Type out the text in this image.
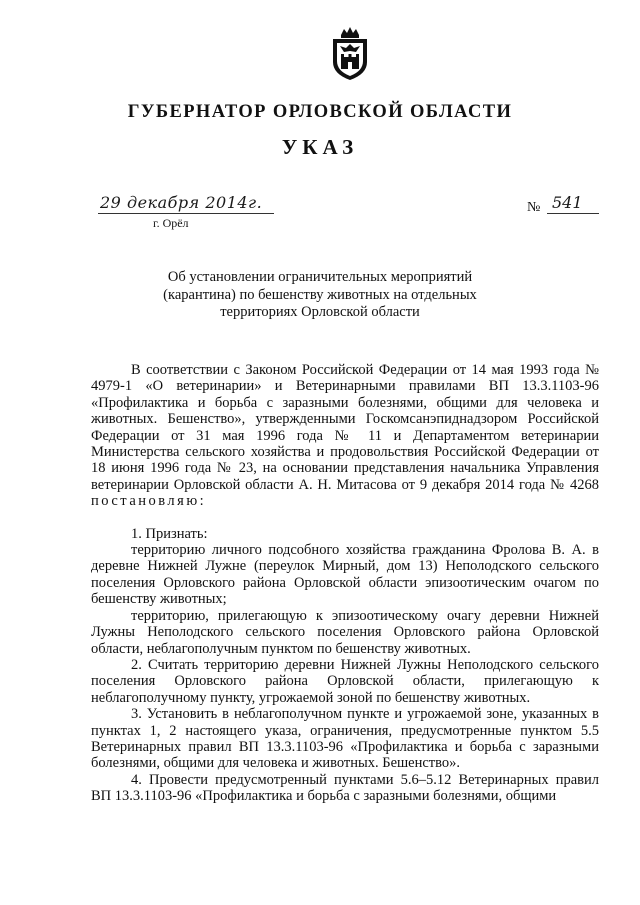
ГУБЕРНАТОР ОРЛОВСКОЙ ОБЛАСТИ
УКАЗ
29 декабря 2014г.
г. Орёл
№ 541
Об установлении ограничительных мероприятий
(карантина) по бешенству животных на отдельных
территориях Орловской области

В соответствии с Законом Российской Федерации от 14 мая 1993 года № 4979-1 «О ветеринарии» и Ветеринарными правилами ВП 13.3.1103-96 «Профилактика и борьба с заразными болезнями, общими для человека и животных. Бешенство», утвержденными Госкомсанэпиднадзором Российской Федерации от 31 мая 1996 года № 11 и Департаментом ветеринарии Министерства сельского хозяйства и продовольствия Российской Федерации от 18 июня 1996 года № 23, на основании представления начальника Управления ветеринарии Орловской области А. Н. Митасова от 9 декабря 2014 года № 4268 постановляю:

1. Признать:

территорию личного подсобного хозяйства гражданина Фролова В. А. в деревне Нижней Лужне (переулок Мирный, дом 13) Неполодского сельского поселения Орловского района Орловской области эпизоотическим очагом по бешенству животных;

территорию, прилегающую к эпизоотическому очагу деревни Нижней Лужны Неполодского сельского поселения Орловского района Орловской области, неблагополучным пунктом по бешенству животных.

2. Считать территорию деревни Нижней Лужны Неполодского сельского поселения Орловского района Орловской области, прилегающую к неблагополучному пункту, угрожаемой зоной по бешенству животных.

3. Установить в неблагополучном пункте и угрожаемой зоне, указанных в пунктах 1, 2 настоящего указа, ограничения, предусмотренные пунктом 5.5 Ветеринарных правил ВП 13.3.1103-96 «Профилактика и борьба с заразными болезнями, общими для человека и животных. Бешенство».

4. Провести предусмотренный пунктами 5.6–5.12 Ветеринарных правил ВП 13.3.1103-96 «Профилактика и борьба с заразными болезнями, общими
